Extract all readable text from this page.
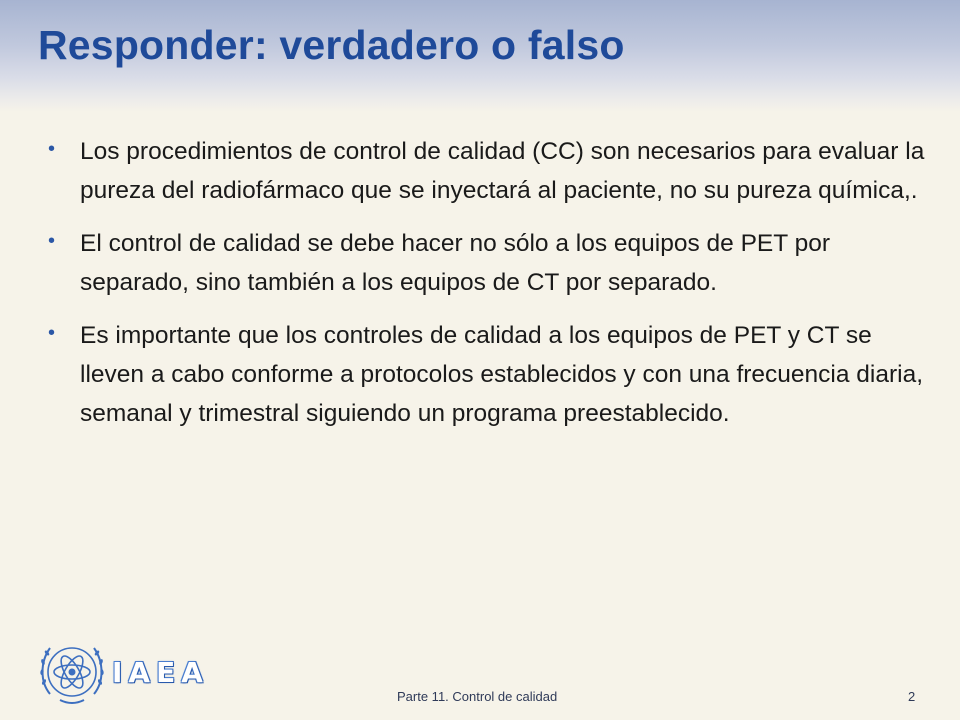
Responder: verdadero o falso
• Los procedimientos de control de calidad (CC) son necesarios para evaluar la pureza del radiofármaco que se inyectará al paciente, no su pureza química,.
• El control de calidad se debe hacer no sólo a los equipos de PET por separado, sino también a los equipos de CT por separado.
• Es importante que los controles de calidad a los equipos de PET y CT se lleven a cabo conforme a protocolos establecidos y con una frecuencia diaria, semanal y trimestral siguiendo un programa preestablecido.
IAEA
Parte 11. Control de calidad	2
